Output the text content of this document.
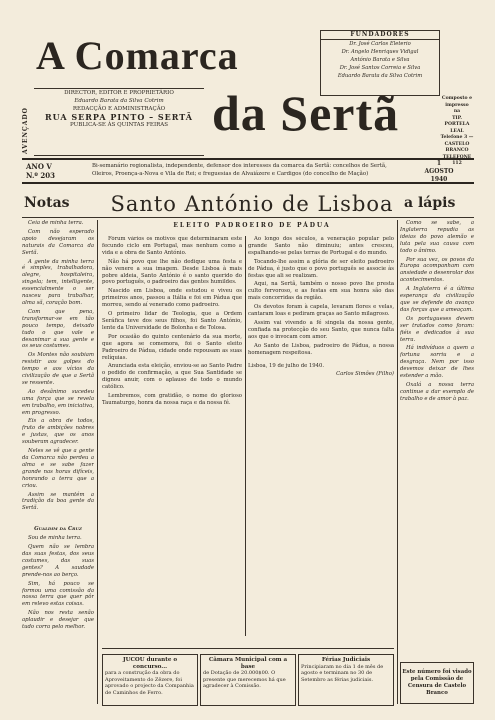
A Comarca
da Sertã
FUNDADORES
Dr. José Carlos Eleterio
Dr. Angelo Henriques Vidigal
António Barata e Silva
Dr. José Santos Correia e Silva
Eduardo Barata da Silva Cotrim
Composto e impresso
na
TIP. PORTELA LEAL
Telefone 3 —
CASTELO
BRANCO
TELEFONE
112
AVENÇADO
DIRECTOR, EDITOR E PROPRIETÁRIO
Eduardo Barata da Silva Cotrim
REDACÇÃO E ADMINISTRAÇÃO
RUA SERPA PINTO – SERTÃ
PUBLICA-SE ÀS QUINTAS FEIRAS
ANO V
N.º 203
Bi-semanário regionalista, independente, defensor dos interesses da comarca da Sertã: concelhos de Sertã, Oleiros, Proença-a-Nova e Vila de Rei; e freguesias de Alvaiázere e Cardigos (do concelho de Mação)
1
AGOSTO
1940
Notas Santo António de Lisboa a lápis
ELEITO PADROEIRO DE PÁDUA

Ceia de minha terra.

Com não esperado apoio desejaram os naturais da Comarca da Sertã.

A gente da minha terra é simples, trabalhadora, alegre, hospitaleira, singela; tem, intelligente, essencialmente o ser nasceu para trabalhar, alma sã, coração bom.

Com que pena, transformar-se em tão pouco tempo, deixado tudo o que vale e desanimar a sua gente e os seus costumes.

Os Montes não soubiam resistir aos golpes do tempo e aos vícios da civilização de que a Sertã se ressente.

Ao desânimo sucedeu uma força que se revela em trabalho, em iniciativa, em progresso.

Eis a obra de todos, fruto de ambições nobres e justas, que os anos souberam agradecer.

Neles se vê que a gente da Comarca não perdeu a alma e se sabe fazer grande nas horas difíceis, honrando a terra que a criou.

Assim se mantém a tradição da boa gente da Sertã.

Gualdim da Cruz

Sou de minha terra.

Quem não se lembra das suas festas, dos seus costumes, das suas gentes? A saudade prende-nos ao berço.

Sim, há pouco se formou uma comissão da nossa terra que quer pôr em relevo estas coisas.

Não nos resta senão aplaudir e desejar que tudo corra pelo melhor.

Fórum vários os motivos que determinaram este fecundo ciclo em Portugal, mas nenhum como a vida e a obra de Santo António.

Não há povo que lhe não dedique uma festa e não venere a sua imagem. Desde Lisboa à mais pobre aldeia, Santo António é o santo querido do povo português, o padroeiro das gentes humildes.

Nascido em Lisboa, onde estudou e viveu os primeiros anos, passou a Itália e foi em Pádua que morreu, sendo aí venerado como padroeiro.

O primeiro lidar de Teologia, que a Ordem Seráfica teve dos seus filhos, foi Santo António, lente da Universidade de Bolonha e de Tolosa.

Por ocasião do quinto centenário da sua morte, que agora se comemora, foi o Santo eleito Padroeiro de Pádua, cidade onde repousam as suas relíquias.

Anunciada esta eleição, enviou-se ao Santo Padre o pedido de confirmação, a que Sua Santidade se dignou anuir, com o aplauso de todo o mundo católico.

Lembremos, com gratidão, o nome do glorioso Taumaturgo, honra da nossa raça e da nossa fé.

Ao longo dos séculos, a veneração popular pelo grande Santo não diminuiu; antes cresceu, espalhando-se pelas terras de Portugal e do mundo.

Tocando-lhe assim a glória de ser eleito padroeiro de Pádua, é justo que o povo português se associe às festas que ali se realizam.

Aqui, na Sertã, também o nosso povo lhe presta culto fervoroso, e as festas em sua honra são das mais concorridas da região.

Os devotos foram à capela, levaram flores e velas, cantaram loas e pediram graças ao Santo milagroso.

Assim vai vivendo a fé singela da nossa gente, confiada na protecção do seu Santo, que nunca falta aos que o invocam com amor.

Ao Santo de Lisboa, padroeiro de Pádua, a nossa homenagem respeitosa.

Lisboa, 19 de julho de 1940.

Carlos Simões (Filho)

Como se sabe, a Inglaterra repudia as ideias do povo alemão e luta pela sua causa com todo o ânimo.

Por sua vez, os povos da Europa acompanham com ansiedade o desenrolar dos acontecimentos.

A Inglaterra é a última esperança da civilização que se defende do avanço das forças que a ameaçam.

Os portugueses devem ser tratados como foram: fiéis e dedicados à sua terra.

Há indivíduos a quem a fortuna sorriu e a desgraça. Nem por isso devemos deixar de lhes estender a mão.

Oxalá a nossa terra continue a dar exemplo de trabalho e de amor à paz.

JUCOU durante o concurso...
para a construção da obra do Aproveitamento do Zêzere, foi aprovado o projecto da Companhia de Caminhos de Ferro.
Câmara Municipal com a base
de Dotação de 20.000$00. O presente que merecemos há que agradecer à Comissão.
Férias Judiciais
Principiaram no dia 1 de mês de agosto e terminam no 30 de Setembro as férias judiciais.
Este número foi visado pela Comissão de Censura de Castelo Branco
